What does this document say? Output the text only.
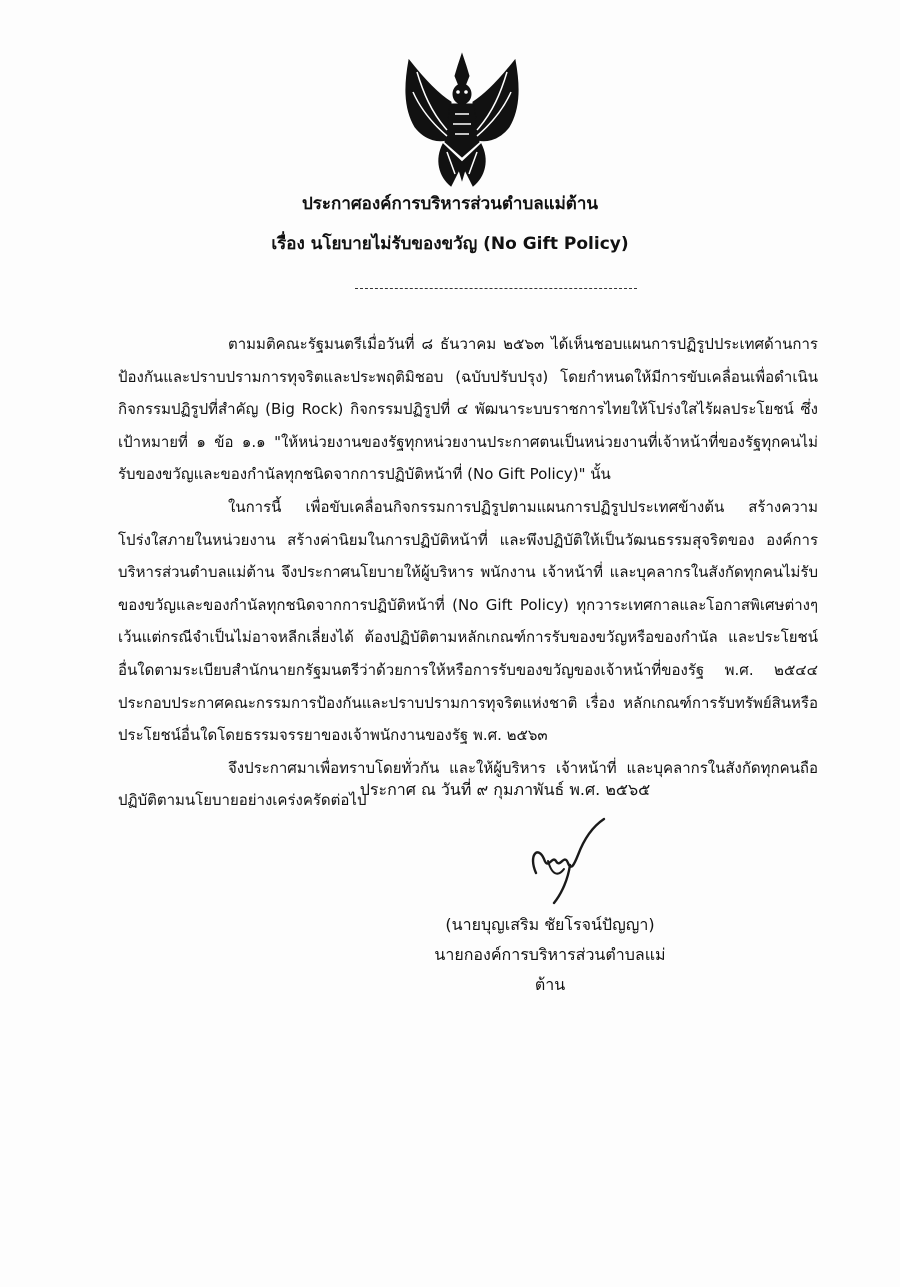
ประกาศองค์การบริหารส่วนตำบลแม่ต้าน
เรื่อง นโยบายไม่รับของขวัญ (No Gift Policy)

ตามมติคณะรัฐมนตรีเมื่อวันที่ ๘ ธันวาคม ๒๕๖๓ ได้เห็นชอบแผนการปฏิรูปประเทศด้านการป้องกันและปราบปรามการทุจริตและประพฤติมิชอบ (ฉบับปรับปรุง) โดยกำหนดให้มีการขับเคลื่อนเพื่อดำเนินกิจกรรมปฏิรูปที่สำคัญ (Big Rock) กิจกรรมปฏิรูปที่ ๔ พัฒนาระบบราชการไทยให้โปร่งใสไร้ผลประโยชน์ ซึ่งเป้าหมายที่ ๑ ข้อ ๑.๑ "ให้หน่วยงานของรัฐทุกหน่วยงานประกาศตนเป็นหน่วยงานที่เจ้าหน้าที่ของรัฐทุกคนไม่รับของขวัญและของกำนัลทุกชนิดจากการปฏิบัติหน้าที่ (No Gift Policy)" นั้น

ในการนี้ เพื่อขับเคลื่อนกิจกรรมการปฏิรูปตามแผนการปฏิรูปประเทศข้างต้น สร้างความโปร่งใสภายในหน่วยงาน สร้างค่านิยมในการปฏิบัติหน้าที่ และพึงปฏิบัติให้เป็นวัฒนธรรมสุจริตของ องค์การบริหารส่วนตำบลแม่ต้าน จึงประกาศนโยบายให้ผู้บริหาร พนักงาน เจ้าหน้าที่ และบุคลากรในสังกัดทุกคนไม่รับของขวัญและของกำนัลทุกชนิดจากการปฏิบัติหน้าที่ (No Gift Policy) ทุกวาระเทศกาลและโอกาสพิเศษต่างๆ เว้นแต่กรณีจำเป็นไม่อาจหลีกเลี่ยงได้ ต้องปฏิบัติตามหลักเกณฑ์การรับของขวัญหรือของกำนัล และประโยชน์อื่นใดตามระเบียบสำนักนายกรัฐมนตรีว่าด้วยการให้หรือการรับของขวัญของเจ้าหน้าที่ของรัฐ พ.ศ. ๒๕๔๔ ประกอบประกาศคณะกรรมการป้องกันและปราบปรามการทุจริตแห่งชาติ เรื่อง หลักเกณฑ์การรับทรัพย์สินหรือประโยชน์อื่นใดโดยธรรมจรรยาของเจ้าพนักงานของรัฐ พ.ศ. ๒๕๖๓

จึงประกาศมาเพื่อทราบโดยทั่วกัน และให้ผู้บริหาร เจ้าหน้าที่ และบุคลากรในสังกัดทุกคนถือปฏิบัติตามนโยบายอย่างเคร่งครัดต่อไป

ประกาศ ณ วันที่ ๙ กุมภาพันธ์ พ.ศ. ๒๕๖๕
(นายบุญเสริม ชัยโรจน์ปัญญา)
นายกองค์การบริหารส่วนตำบลแม่ต้าน
